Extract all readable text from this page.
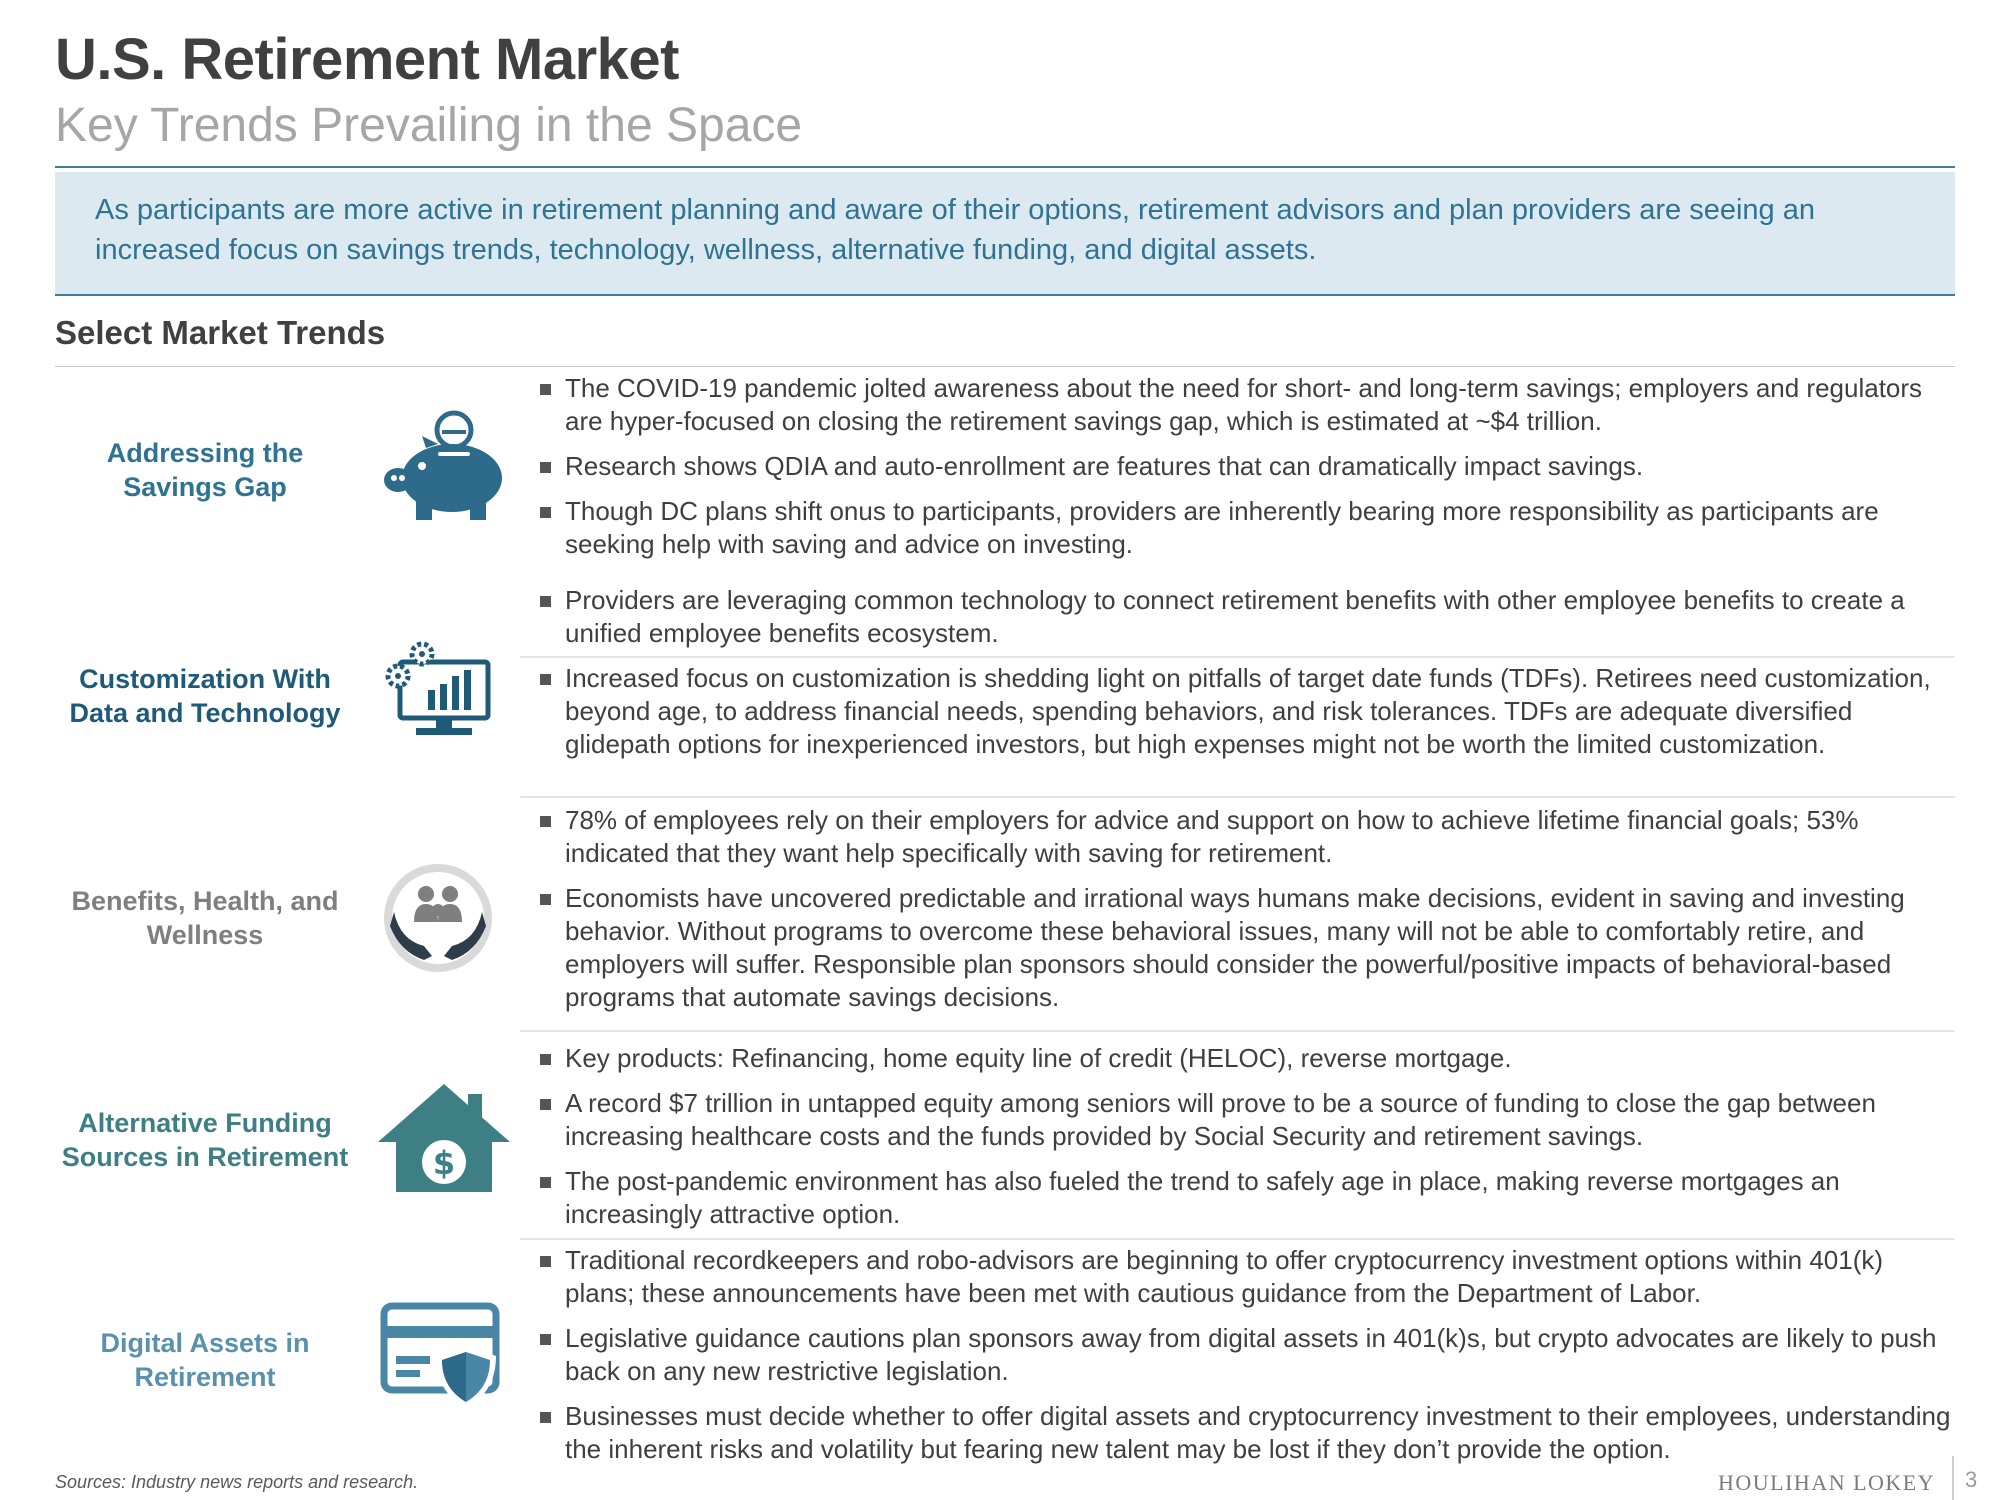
U.S. Retirement Market
Key Trends Prevailing in the Space

As participants are more active in retirement planning and aware of their options, retirement advisors and plan providers are seeing an increased focus on savings trends, technology, wellness, alternative funding, and digital assets.

Select Market Trends
Addressing the Savings Gap
The COVID-19 pandemic jolted awareness about the need for short- and long-term savings; employers and regulators are hyper-focused on closing the retirement savings gap, which is estimated at ~$4 trillion.
Research shows QDIA and auto-enrollment are features that can dramatically impact savings.
Though DC plans shift onus to participants, providers are inherently bearing more responsibility as participants are seeking help with saving and advice on investing.
Customization With Data and Technology
Providers are leveraging common technology to connect retirement benefits with other employee benefits to create a unified employee benefits ecosystem.
Increased focus on customization is shedding light on pitfalls of target date funds (TDFs). Retirees need customization, beyond age, to address financial needs, spending behaviors, and risk tolerances. TDFs are adequate diversified glidepath options for inexperienced investors, but high expenses might not be worth the limited customization.
Benefits, Health, and Wellness
78% of employees rely on their employers for advice and support on how to achieve lifetime financial goals; 53% indicated that they want help specifically with saving for retirement.
Economists have uncovered predictable and irrational ways humans make decisions, evident in saving and investing behavior. Without programs to overcome these behavioral issues, many will not be able to comfortably retire, and employers will suffer. Responsible plan sponsors should consider the powerful/positive impacts of behavioral-based programs that automate savings decisions.
Alternative Funding Sources in Retirement	$
Key products: Refinancing, home equity line of credit (HELOC), reverse mortgage.
A record $7 trillion in untapped equity among seniors will prove to be a source of funding to close the gap between increasing healthcare costs and the funds provided by Social Security and retirement savings.
The post-pandemic environment has also fueled the trend to safely age in place, making reverse mortgages an increasingly attractive option.
Digital Assets in Retirement
Traditional recordkeepers and robo-advisors are beginning to offer cryptocurrency investment options within 401(k) plans; these announcements have been met with cautious guidance from the Department of Labor.
Legislative guidance cautions plan sponsors away from digital assets in 401(k)s, but crypto advocates are likely to push back on any new restrictive legislation.
Businesses must decide whether to offer digital assets and cryptocurrency investment to their employees, understanding the inherent risks and volatility but fearing new talent may be lost if they don’t provide the option.
Sources: Industry news reports and research.	HOULIHAN LOKEY 3
